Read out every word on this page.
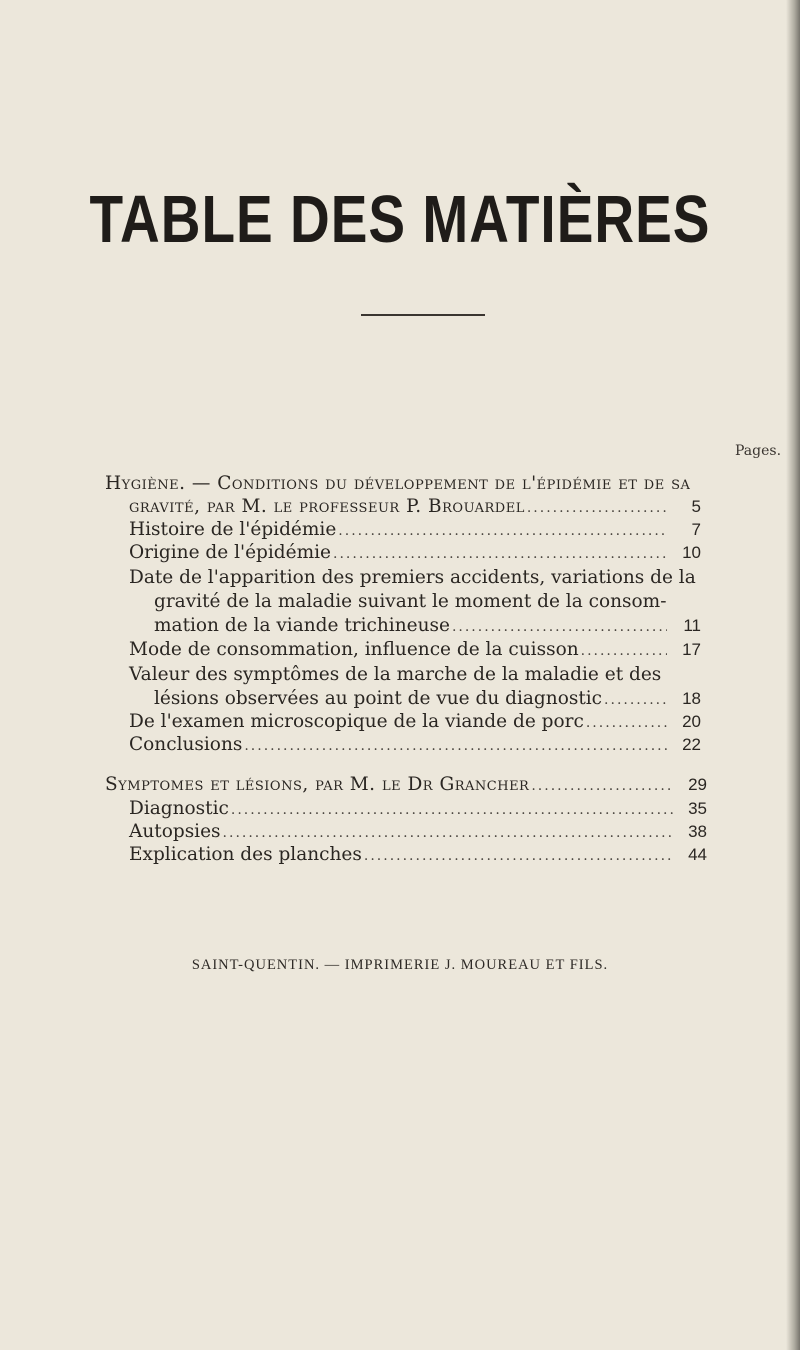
TABLE DES MATIÈRES
Pages.
Hygiène. — Conditions du développement de l'épidémie et de sa
gravité, par M. le professeur P. Brouardel .....	5
Histoire de l'épidémie .....	7
Origine de l'épidémie .....	10
Date de l'apparition des premiers accidents, variations de la
gravité de la maladie suivant le moment de la consom-
mation de la viande trichineuse .....	11
Mode de consommation, influence de la cuisson .....	17
Valeur des symptômes de la marche de la maladie et des
lésions observées au point de vue du diagnostic .....	18
De l'examen microscopique de la viande de porc .....	20
Conclusions .....	22
Symptomes et lésions, par M. le Dr Grancher .....	29
Diagnostic .....	35
Autopsies .....	38
Explication des planches .....	44
SAINT-QUENTIN. — IMPRIMERIE J. MOUREAU ET FILS.
